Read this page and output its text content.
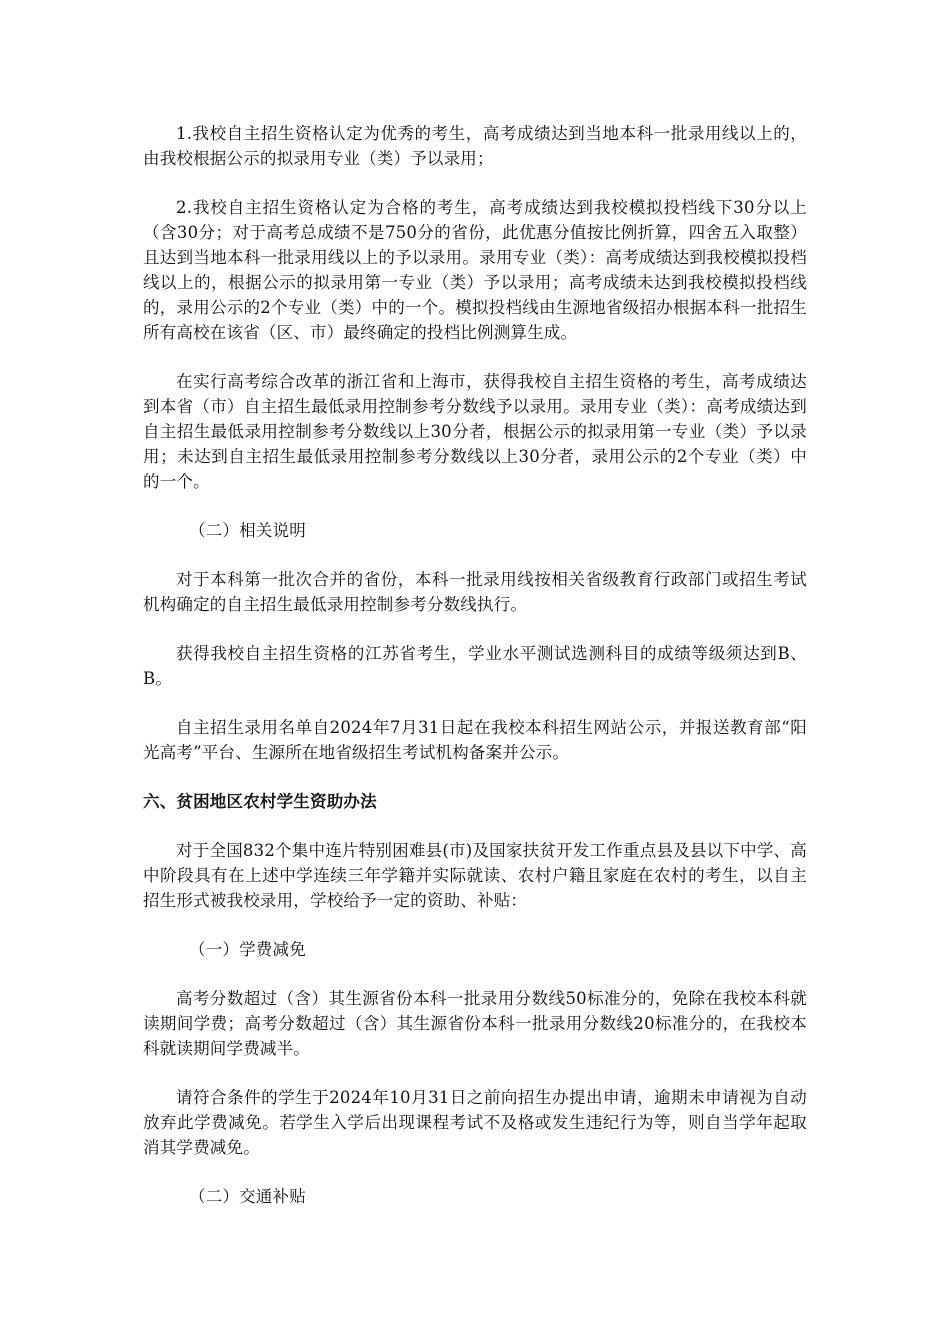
1.我校自主招生资格认定为优秀的考生，高考成绩达到当地本科一批录用线以上的，由我校根据公示的拟录用专业（类）予以录用；

2.我校自主招生资格认定为合格的考生，高考成绩达到我校模拟投档线下30分以上（含30分；对于高考总成绩不是750分的省份，此优惠分值按比例折算，四舍五入取整）且达到当地本科一批录用线以上的予以录用。录用专业（类）：高考成绩达到我校模拟投档线以上的，根据公示的拟录用第一专业（类）予以录用；高考成绩未达到我校模拟投档线的，录用公示的2个专业（类）中的一个。模拟投档线由生源地省级招办根据本科一批招生所有高校在该省（区、市）最终确定的投档比例测算生成。

在实行高考综合改革的浙江省和上海市，获得我校自主招生资格的考生，高考成绩达到本省（市）自主招生最低录用控制参考分数线予以录用。录用专业（类）：高考成绩达到自主招生最低录用控制参考分数线以上30分者，根据公示的拟录用第一专业（类）予以录用；未达到自主招生最低录用控制参考分数线以上30分者，录用公示的2个专业（类）中的一个。

（二）相关说明

对于本科第一批次合并的省份，本科一批录用线按相关省级教育行政部门或招生考试机构确定的自主招生最低录用控制参考分数线执行。

获得我校自主招生资格的江苏省考生，学业水平测试选测科目的成绩等级须达到B、B。

自主招生录用名单自2024年7月31日起在我校本科招生网站公示，并报送教育部“阳光高考”平台、生源所在地省级招生考试机构备案并公示。

六、贫困地区农村学生资助办法

对于全国832个集中连片特别困难县(市)及国家扶贫开发工作重点县及县以下中学、高中阶段具有在上述中学连续三年学籍并实际就读、农村户籍且家庭在农村的考生，以自主招生形式被我校录用，学校给予一定的资助、补贴：

（一）学费减免

高考分数超过（含）其生源省份本科一批录用分数线50标准分的，免除在我校本科就读期间学费；高考分数超过（含）其生源省份本科一批录用分数线20标准分的，在我校本科就读期间学费减半。

请符合条件的学生于2024年10月31日之前向招生办提出申请，逾期未申请视为自动放弃此学费减免。若学生入学后出现课程考试不及格或发生违纪行为等，则自当学年起取消其学费减免。

（二）交通补贴
